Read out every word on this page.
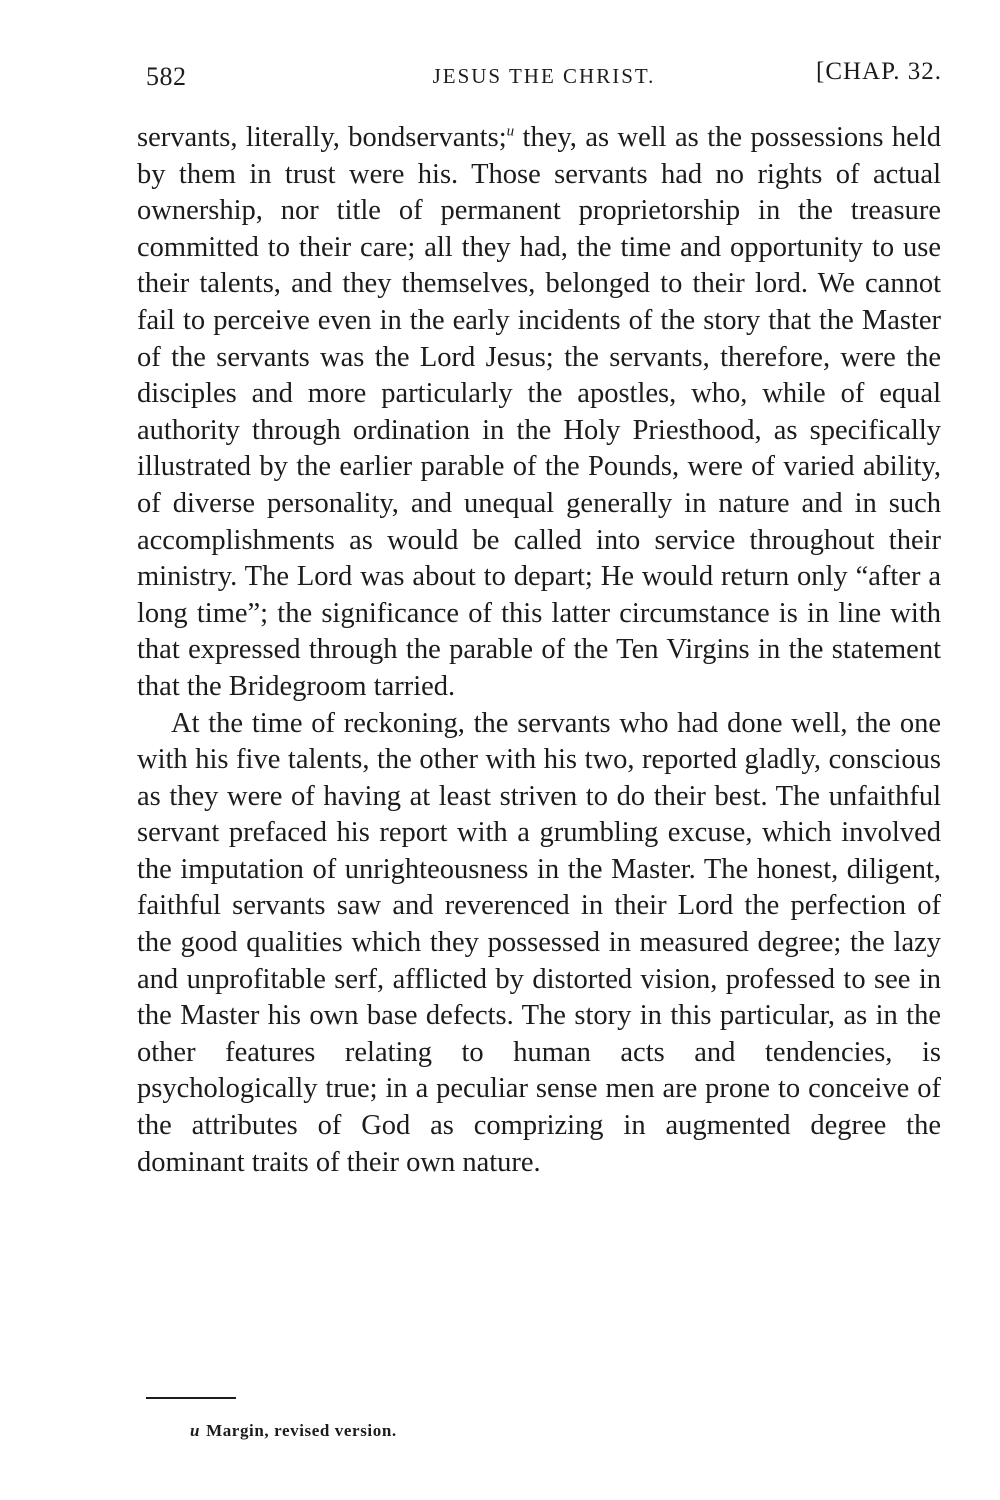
582	JESUS THE CHRIST.	[CHAP. 32.

servants, literally, bondservants;$^u$ they, as well as the possessions held by them in trust were his. Those servants had no rights of actual ownership, nor title of permanent proprietorship in the treasure committed to their care; all they had, the time and opportunity to use their talents, and they themselves, belonged to their lord. We cannot fail to perceive even in the early incidents of the story that the Master of the servants was the Lord Jesus; the servants, therefore, were the disciples and more particularly the apostles, who, while of equal authority through ordination in the Holy Priesthood, as specifically illustrated by the earlier parable of the Pounds, were of varied ability, of diverse personality, and unequal generally in nature and in such accomplishments as would be called into service throughout their ministry. The Lord was about to depart; He would return only “after a long time”; the significance of this latter circumstance is in line with that expressed through the parable of the Ten Virgins in the statement that the Bridegroom tarried.

At the time of reckoning, the servants who had done well, the one with his five talents, the other with his two, reported gladly, conscious as they were of having at least striven to do their best. The unfaithful servant prefaced his report with a grumbling excuse, which involved the imputation of unrighteousness in the Master. The honest, diligent, faithful servants saw and reverenced in their Lord the perfection of the good qualities which they possessed in measured degree; the lazy and unprofitable serf, afflicted by distorted vision, professed to see in the Master his own base defects. The story in this particular, as in the other features relating to human acts and tendencies, is psychologically true; in a peculiar sense men are prone to conceive of the attributes of God as comprizing in augmented degree the dominant traits of their own nature.

u Margin, revised version.
